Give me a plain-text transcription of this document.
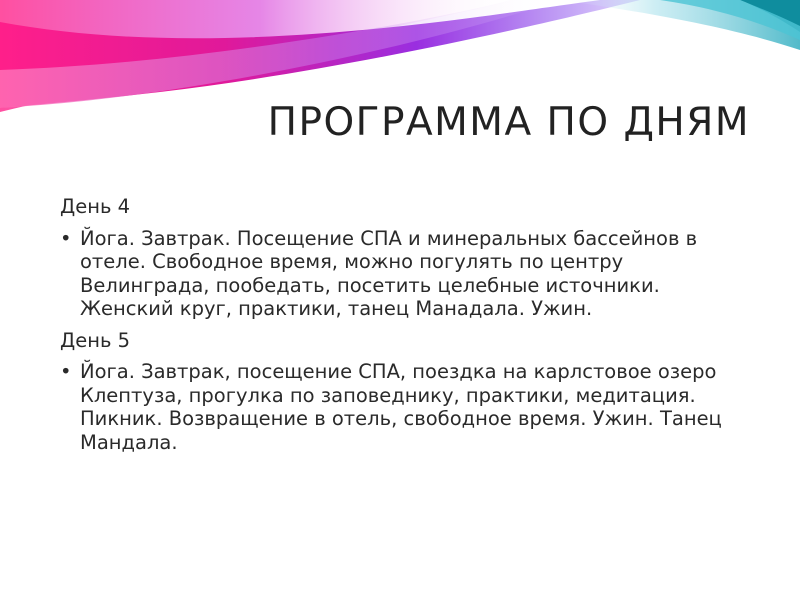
ПРОГРАММА ПО ДНЯМ
День 4
• Йога. Завтрак. Посещение СПА и минеральных бассейнов в отеле. Свободное время, можно погулять по центру Велинграда, пообедать, посетить целебные источники. Женский круг, практики, танец Манадала. Ужин.
День 5
• Йога. Завтрак, посещение СПА, поездка на карлстовое озеро Клептуза, прогулка по заповеднику, практики, медитация. Пикник. Возвращение в отель, свободное время. Ужин. Танец Мандала.
